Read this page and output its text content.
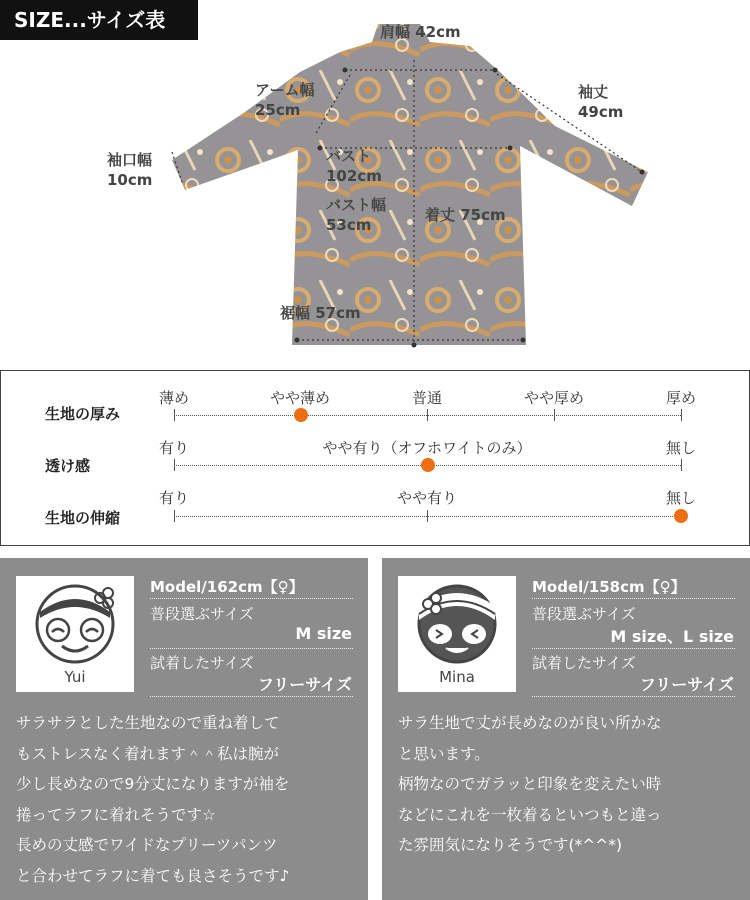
SIZE...サイズ表	肩幅 42cm
アーム幅
25cm
袖丈
49cm
袖口幅
10cm
バスト
102cm
バスト幅
53cm
着丈 75cm
裾幅 57cm
生地の厚み
薄め	やや薄め	普通	やや厚め	厚め
透け感
有り	やや有り（オフホワイトのみ）	無し
生地の伸縮
有り	やや有り	無し
Yui
Model/162cm【♀】
普段選ぶサイズ
M size
試着したサイズ
フリーサイズ
サラサラとした生地なので重ね着して
もストレスなく着れます＾＾私は腕が
少し長めなので9分丈になりますが袖を
捲ってラフに着れそうです☆
長めの丈感でワイドなプリーツパンツ
と合わせてラフに着ても良さそうです♪
Mina
Model/158cm【♀】
普段選ぶサイズ
M size、L size
試着したサイズ
フリーサイズ
サラ生地で丈が長めなのが良い所かな
と思います。
柄物なのでガラッと印象を変えたい時
などにこれを一枚着るといつもと違っ
た雰囲気になりそうです(*^^*)
